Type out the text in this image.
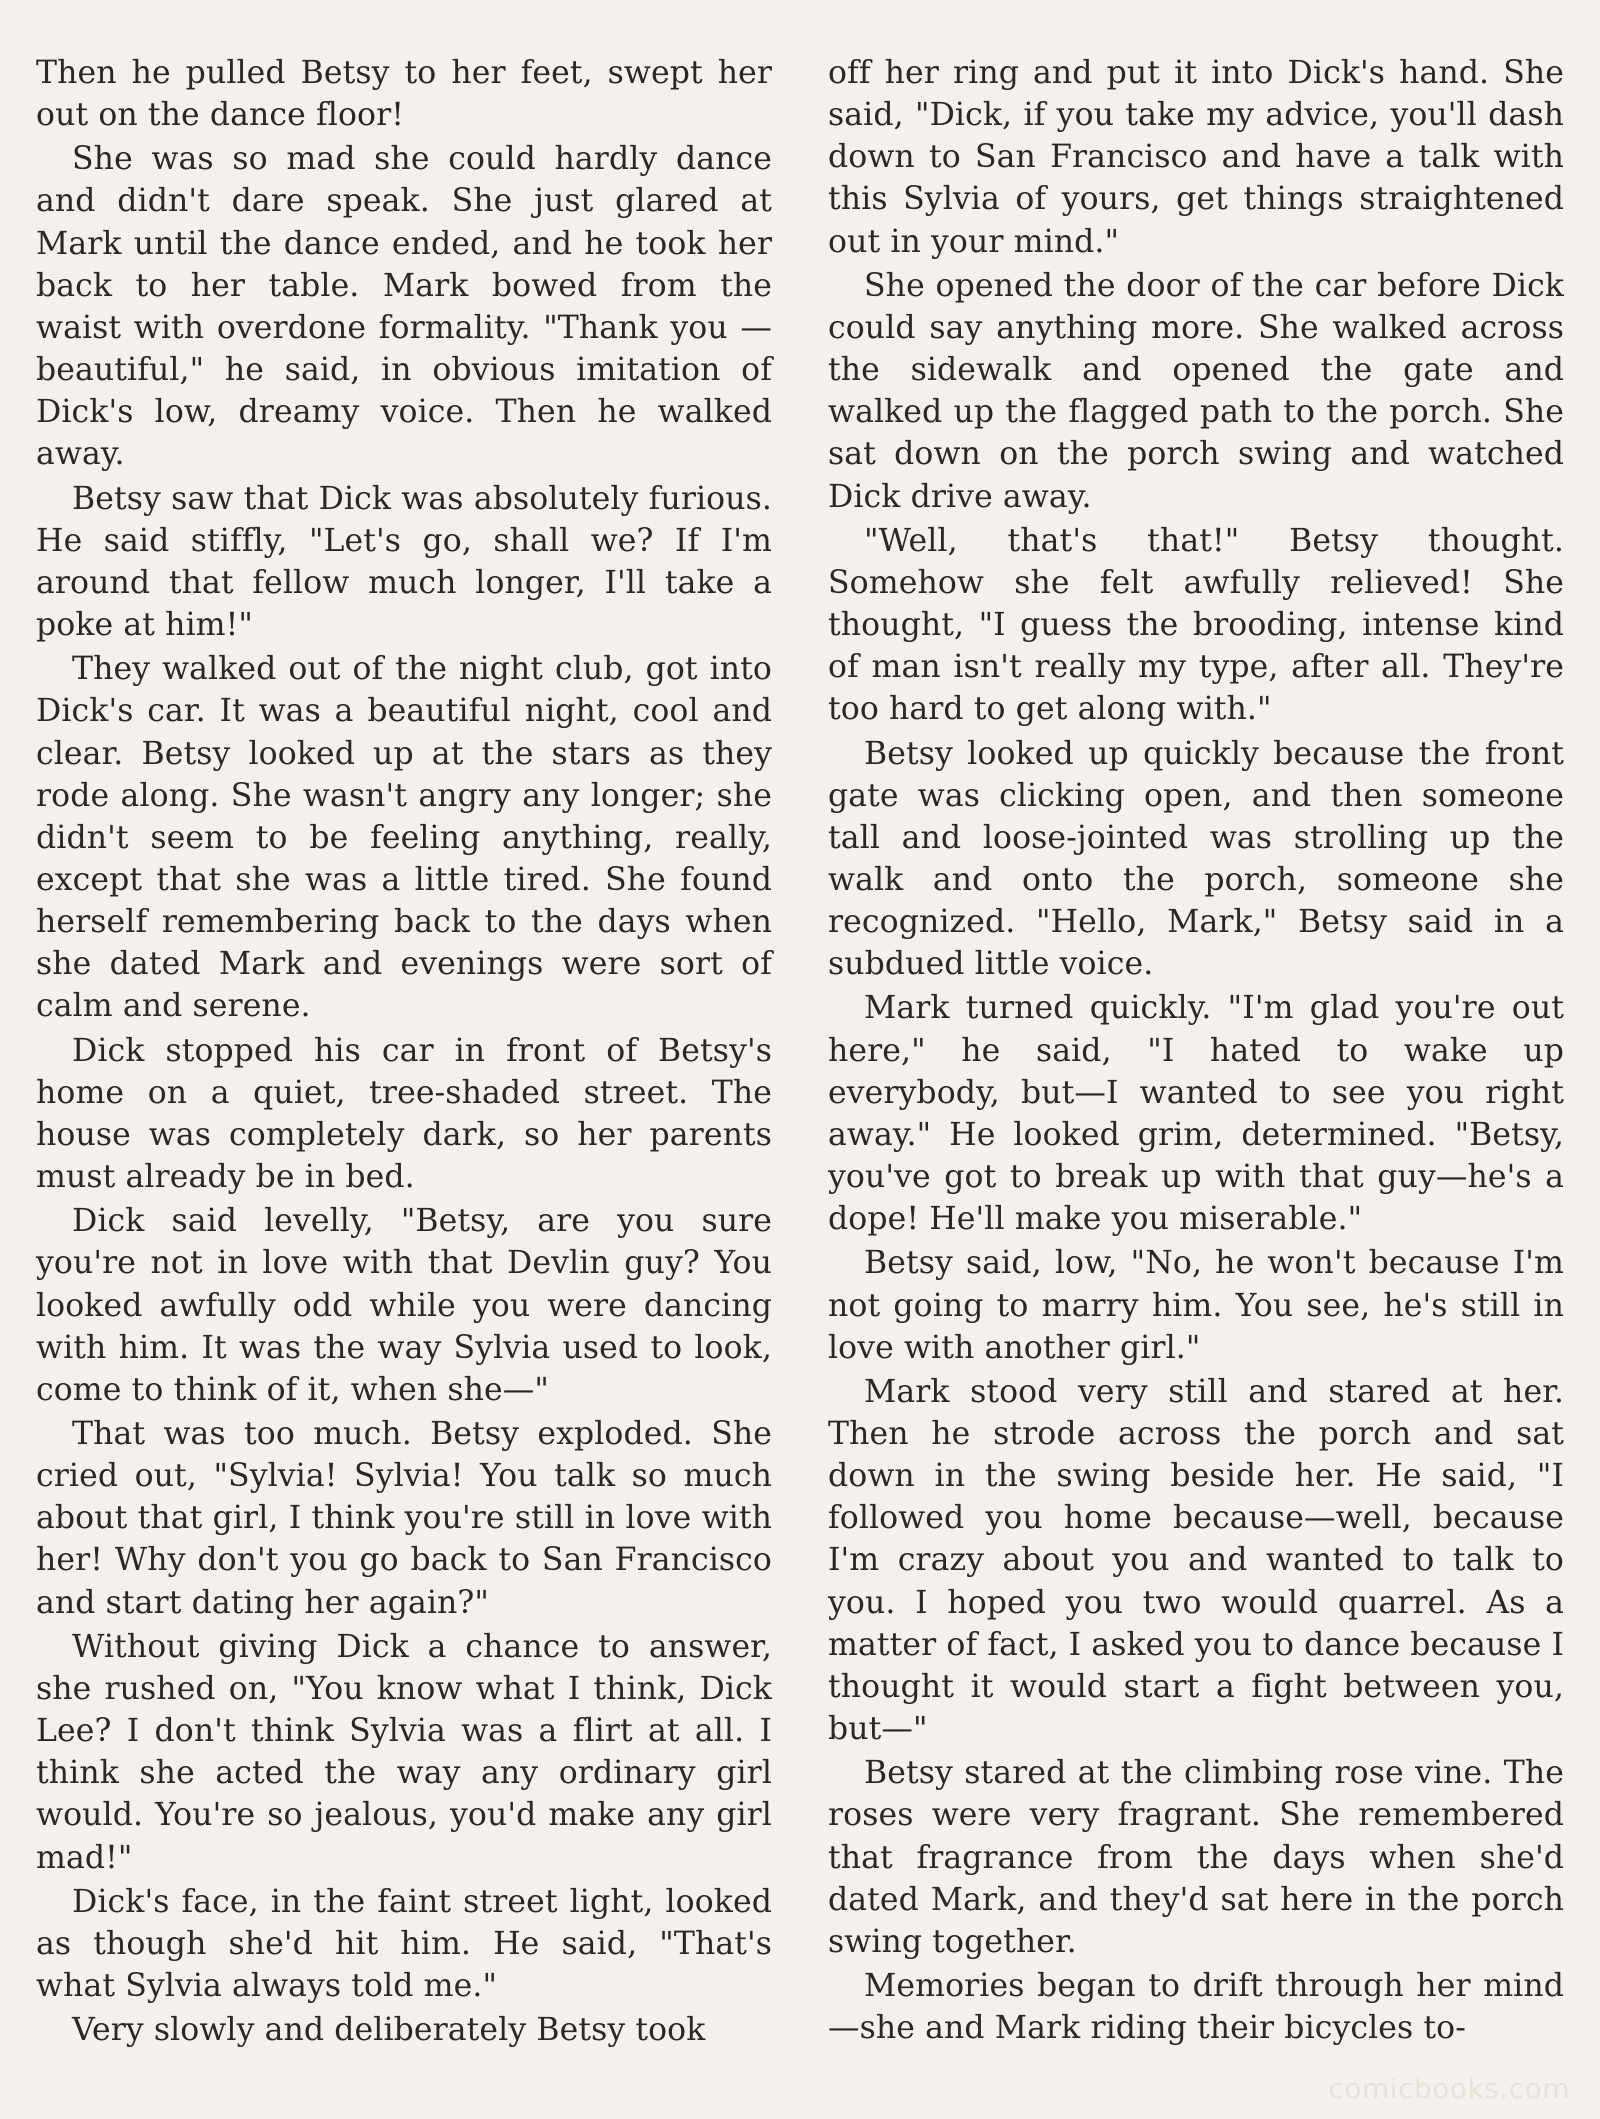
Then he pulled Betsy to her feet, swept her out on the dance floor!

She was so mad she could hardly dance and didn't dare speak. She just glared at Mark until the dance ended, and he took her back to her table. Mark bowed from the waist with overdone formality. "Thank you —beautiful," he said, in obvious imitation of Dick's low, dreamy voice. Then he walked away.

Betsy saw that Dick was absolutely furious. He said stiffly, "Let's go, shall we? If I'm around that fellow much longer, I'll take a poke at him!"

They walked out of the night club, got into Dick's car. It was a beautiful night, cool and clear. Betsy looked up at the stars as they rode along. She wasn't angry any longer; she didn't seem to be feeling anything, really, except that she was a little tired. She found herself remembering back to the days when she dated Mark and evenings were sort of calm and serene.

Dick stopped his car in front of Betsy's home on a quiet, tree-shaded street. The house was completely dark, so her parents must already be in bed.

Dick said levelly, "Betsy, are you sure you're not in love with that Devlin guy? You looked awfully odd while you were dancing with him. It was the way Sylvia used to look, come to think of it, when she—"

That was too much. Betsy exploded. She cried out, "Sylvia! Sylvia! You talk so much about that girl, I think you're still in love with her! Why don't you go back to San Francisco and start dating her again?"

Without giving Dick a chance to answer, she rushed on, "You know what I think, Dick Lee? I don't think Sylvia was a flirt at all. I think she acted the way any ordinary girl would. You're so jealous, you'd make any girl mad!"

Dick's face, in the faint street light, looked as though she'd hit him. He said, "That's what Sylvia always told me."

Very slowly and deliberately Betsy took

off her ring and put it into Dick's hand. She said, "Dick, if you take my advice, you'll dash down to San Francisco and have a talk with this Sylvia of yours, get things straightened out in your mind."

She opened the door of the car before Dick could say anything more. She walked across the sidewalk and opened the gate and walked up the flagged path to the porch. She sat down on the porch swing and watched Dick drive away.

"Well, that's that!" Betsy thought. Somehow she felt awfully relieved! She thought, "I guess the brooding, intense kind of man isn't really my type, after all. They're too hard to get along with."

Betsy looked up quickly because the front gate was clicking open, and then someone tall and loose-jointed was strolling up the walk and onto the porch, someone she recognized. "Hello, Mark," Betsy said in a subdued little voice.

Mark turned quickly. "I'm glad you're out here," he said, "I hated to wake up everybody, but—I wanted to see you right away." He looked grim, determined. "Betsy, you've got to break up with that guy—he's a dope! He'll make you miserable."

Betsy said, low, "No, he won't because I'm not going to marry him. You see, he's still in love with another girl."

Mark stood very still and stared at her. Then he strode across the porch and sat down in the swing beside her. He said, "I followed you home because—well, because I'm crazy about you and wanted to talk to you. I hoped you two would quarrel. As a matter of fact, I asked you to dance because I thought it would start a fight between you, but—"

Betsy stared at the climbing rose vine. The roses were very fragrant. She remembered that fragrance from the days when she'd dated Mark, and they'd sat here in the porch swing together.

Memories began to drift through her mind—she and Mark riding their bicycles to-

comicbooks.com
